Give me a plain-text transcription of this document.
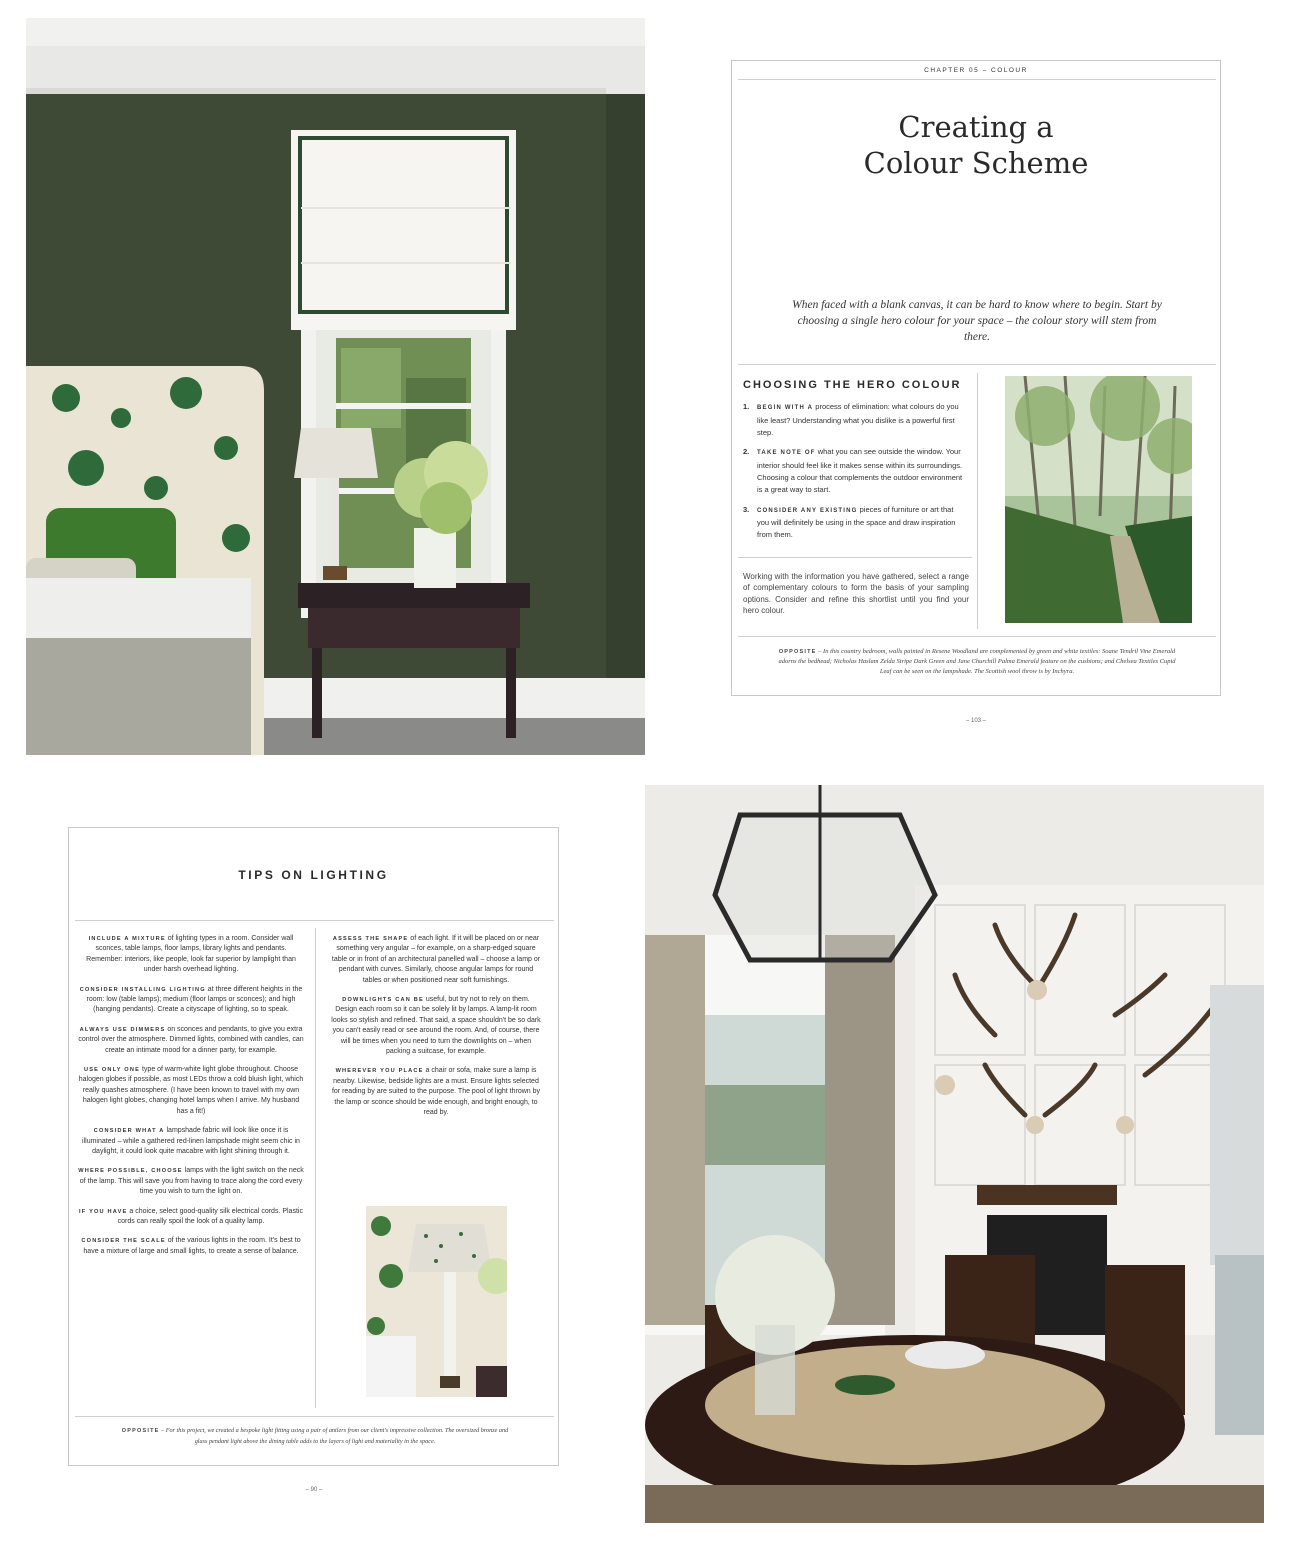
CHAPTER 05 – COLOUR
Creating a
Colour Scheme

When faced with a blank canvas, it can be hard to know where to begin. Start by choosing a single hero colour for your space – the colour story will stem from there.

CHOOSING THE HERO COLOUR
1.	BEGIN WITH A process of elimination: what colours do you like least? Understanding what you dislike is a powerful first step.
2.	TAKE NOTE OF what you can see outside the window. Your interior should feel like it makes sense within its surroundings. Choosing a colour that complements the outdoor environment is a great way to start.
3.	CONSIDER ANY EXISTING pieces of furniture or art that you will definitely be using in the space and draw inspiration from them.

Working with the information you have gathered, select a range of complementary colours to form the basis of your sampling options. Consider and refine this shortlist until you find your hero colour.

OPPOSITE – In this country bedroom, walls painted in Resene Woodland are complemented by green and white textiles: Soane Tendril Vine Emerald adorns the bedhead; Nicholas Haslam Zelda Stripe Dark Green and Jane Churchill Palma Emerald feature on the cushions; and Chelsea Textiles Cupid Leaf can be seen on the lampshade. The Scottish wool throw is by Inchyra.

– 103 –
TIPS ON LIGHTING

INCLUDE A MIXTURE of lighting types in a room. Consider wall sconces, table lamps, floor lamps, library lights and pendants. Remember: interiors, like people, look far superior by lamplight than under harsh overhead lighting.

CONSIDER INSTALLING LIGHTING at three different heights in the room: low (table lamps); medium (floor lamps or sconces); and high (hanging pendants). Create a cityscape of lighting, so to speak.

ALWAYS USE DIMMERS on sconces and pendants, to give you extra control over the atmosphere. Dimmed lights, combined with candles, can create an intimate mood for a dinner party, for example.

USE ONLY ONE type of warm-white light globe throughout. Choose halogen globes if possible, as most LEDs throw a cold bluish light, which really quashes atmosphere. (I have been known to travel with my own halogen light globes, changing hotel lamps when I arrive. My husband has a fit!)

CONSIDER WHAT A lampshade fabric will look like once it is illuminated – while a gathered red-linen lampshade might seem chic in daylight, it could look quite macabre with light shining through it.

WHERE POSSIBLE, CHOOSE lamps with the light switch on the neck of the lamp. This will save you from having to trace along the cord every time you wish to turn the light on.

IF YOU HAVE a choice, select good-quality silk electrical cords. Plastic cords can really spoil the look of a quality lamp.

CONSIDER THE SCALE of the various lights in the room. It's best to have a mixture of large and small lights, to create a sense of balance.

ASSESS THE SHAPE of each light. If it will be placed on or near something very angular – for example, on a sharp-edged square table or in front of an architectural panelled wall – choose a lamp or pendant with curves. Similarly, choose angular lamps for round tables or when positioned near soft furnishings.

DOWNLIGHTS CAN BE useful, but try not to rely on them. Design each room so it can be solely lit by lamps. A lamp-lit room looks so stylish and refined. That said, a space shouldn't be so dark you can't easily read or see around the room. And, of course, there will be times when you need to turn the downlights on – when packing a suitcase, for example.

WHEREVER YOU PLACE a chair or sofa, make sure a lamp is nearby. Likewise, bedside lights are a must. Ensure lights selected for reading by are suited to the purpose. The pool of light thrown by the lamp or sconce should be wide enough, and bright enough, to read by.

OPPOSITE – For this project, we created a bespoke light fitting using a pair of antlers from our client's impressive collection. The oversized bronze and glass pendant light above the dining table adds to the layers of light and materiality in the space.

– 90 –
